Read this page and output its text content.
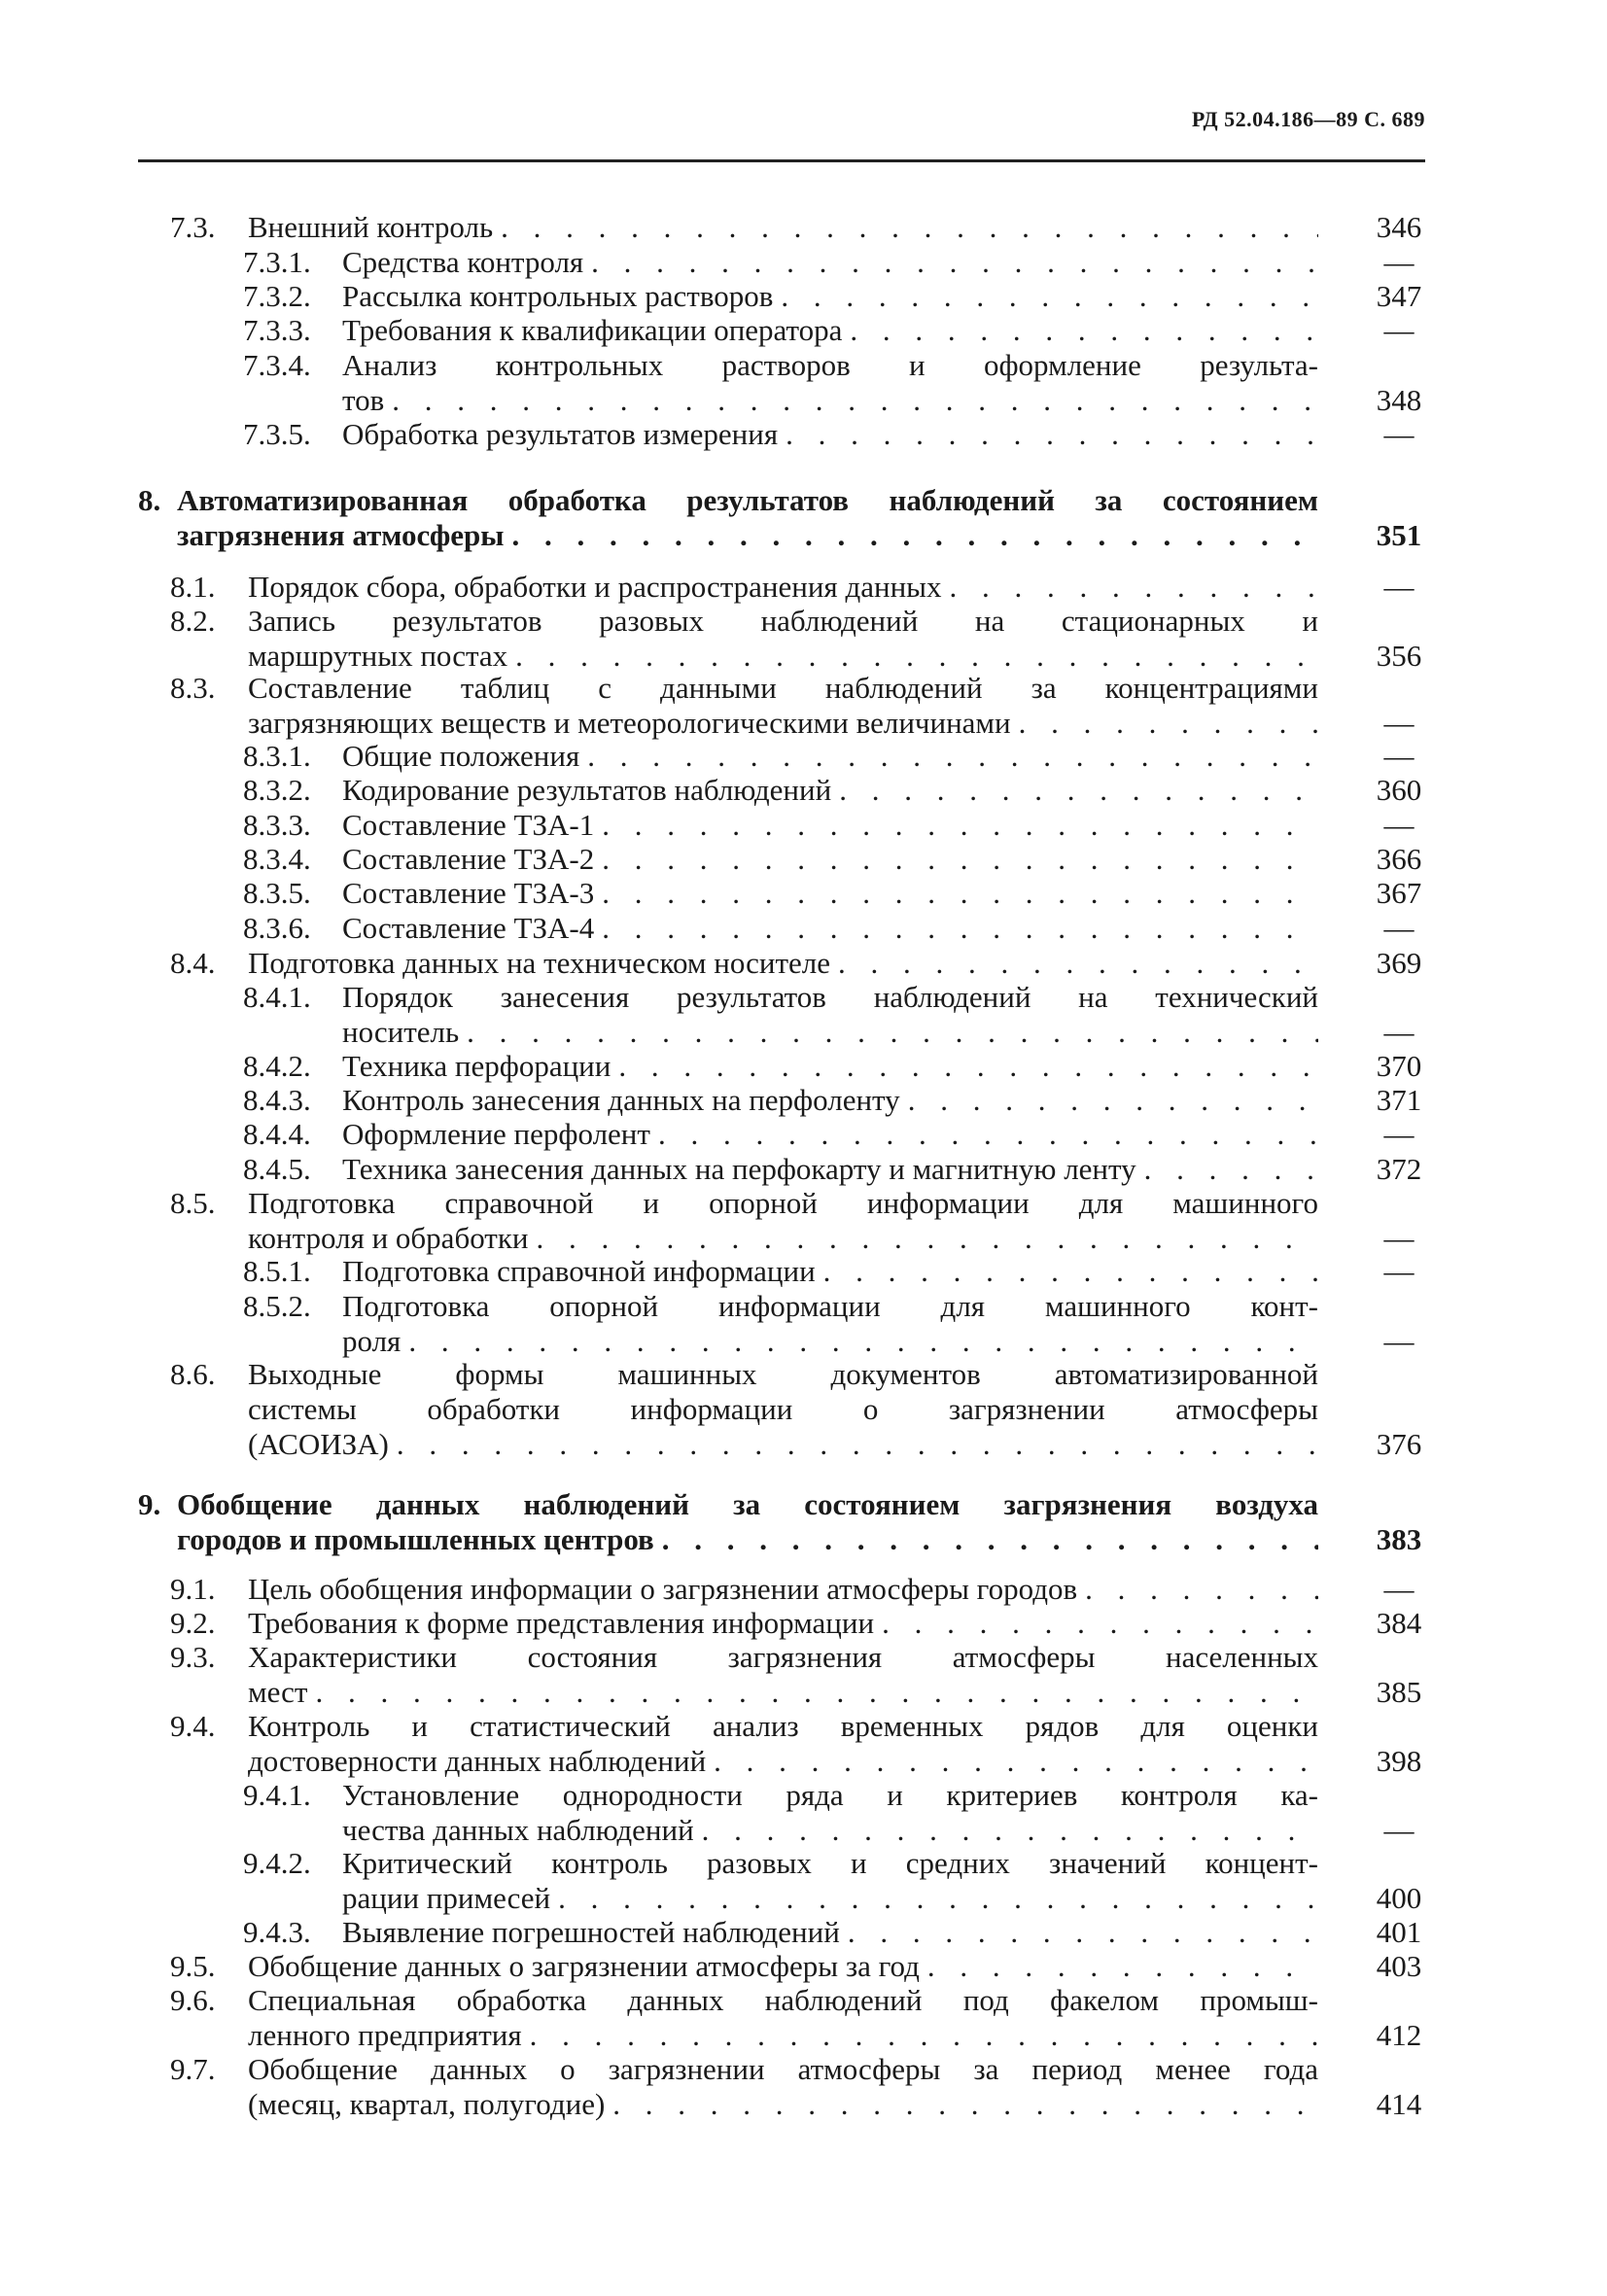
РД 52.04.186—89 С. 689
7.3. Внешний контроль . . .	346
7.3.1. Средства контроля . . .	—
7.3.2. Рассылка контрольных растворов . . .	347
7.3.3. Требования к квалификации оператора . . .	—
7.3.4. Анализ контрольных растворов и оформление результа-
тов . . .	348
7.3.5. Обработка результатов измерения . . .	—
8. Автоматизированная обработка результатов наблюдений за состоянием
загрязнения атмосферы . . .	351
8.1. Порядок сбора, обработки и распространения данных . . .	—
8.2. Запись результатов разовых наблюдений на стационарных и
маршрутных постах . . .	356
8.3. Составление таблиц с данными наблюдений за концентрациями
загрязняющих веществ и метеорологическими величинами . . .	—
8.3.1. Общие положения . . .	—
8.3.2. Кодирование результатов наблюдений . . .	360
8.3.3. Составление ТЗА-1 . . .	—
8.3.4. Составление ТЗА-2 . . .	366
8.3.5. Составление ТЗА-3 . . .	367
8.3.6. Составление ТЗА-4 . . .	—
8.4. Подготовка данных на техническом носителе . . .	369
8.4.1. Порядок занесения результатов наблюдений на технический
носитель . . .	—
8.4.2. Техника перфорации . . .	370
8.4.3. Контроль занесения данных на перфоленту . . .	371
8.4.4. Оформление перфолент . . .	—
8.4.5. Техника занесения данных на перфокарту и магнитную ленту . . .	372
8.5. Подготовка справочной и опорной информации для машинного
контроля и обработки . . .	—
8.5.1. Подготовка справочной информации . . .	—
8.5.2. Подготовка опорной информации для машинного конт-
роля . . .	—
8.6. Выходные формы машинных документов автоматизированной
системы обработки информации о загрязнении атмосферы
(АСОИЗА) . . .	376
9. Обобщение данных наблюдений за состоянием загрязнения воздуха
городов и промышленных центров . . .	383
9.1. Цель обобщения информации о загрязнении атмосферы городов . . .	—
9.2. Требования к форме представления информации . . .	384
9.3. Характеристики состояния загрязнения атмосферы населенных
мест . . .	385
9.4. Контроль и статистический анализ временных рядов для оценки
достоверности данных наблюдений . . .	398
9.4.1. Установление однородности ряда и критериев контроля ка-
чества данных наблюдений . . .	—
9.4.2. Критический контроль разовых и средних значений концент-
рации примесей . . .	400
9.4.3. Выявление погрешностей наблюдений . . .	401
9.5. Обобщение данных о загрязнении атмосферы за год . . .	403
9.6. Специальная обработка данных наблюдений под факелом промыш-
ленного предприятия . . .	412
9.7. Обобщение данных о загрязнении атмосферы за период менее года
(месяц, квартал, полугодие) . . .	414
